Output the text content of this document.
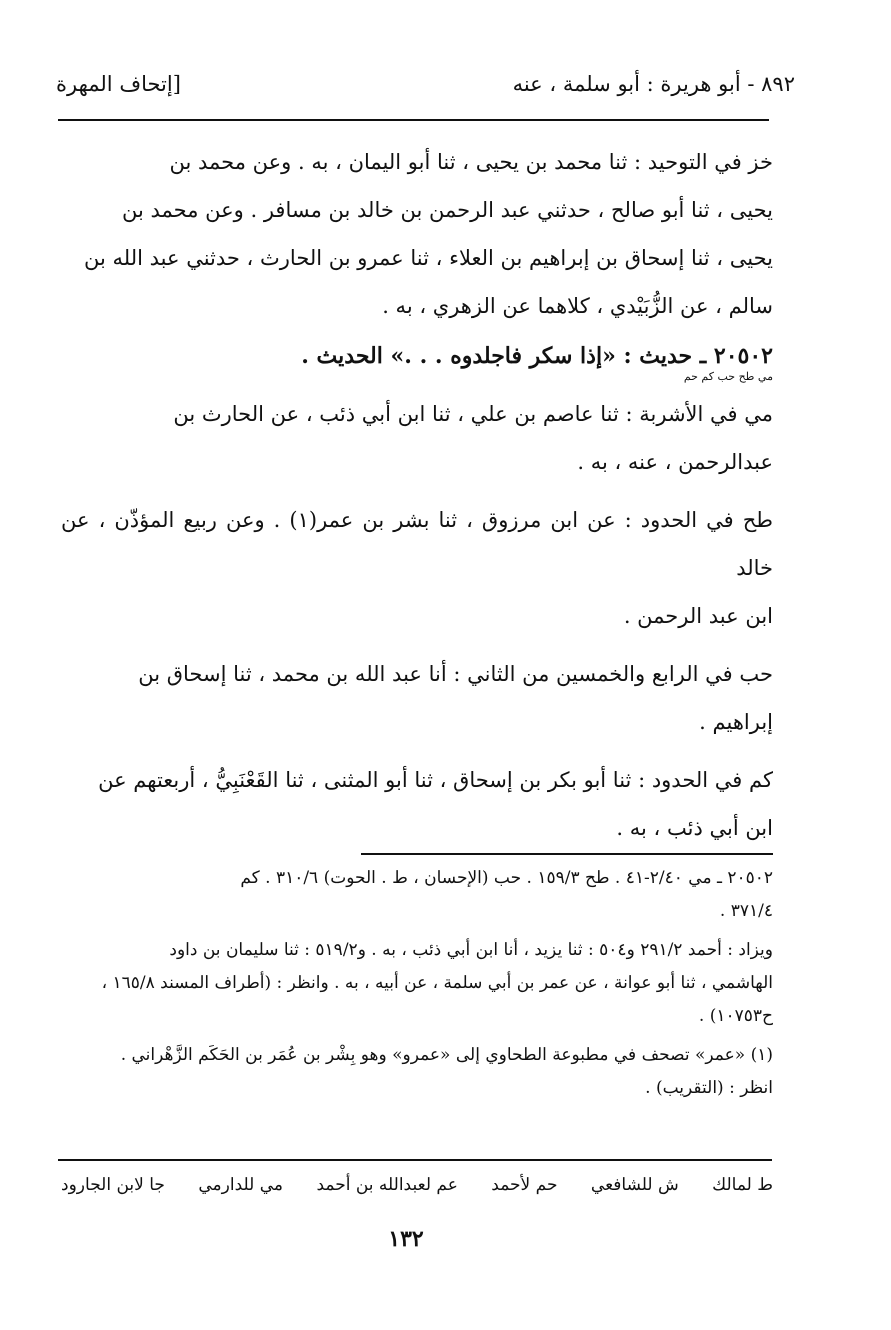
٨٩٢ - أبو هريرة : أبو سلمة ، عنه
[إتحاف المهرة

خز في التوحيد : ثنا محمد بن يحيى ، ثنا أبو اليمان ، به . وعن محمد بن

يحيى ، ثنا أبو صالح ، حدثني عبد الرحمن بن خالد بن مسافر . وعن محمد بن

يحيى ، ثنا إسحاق بن إبراهيم بن العلاء ، ثنا عمرو بن الحارث ، حدثني عبد الله بن

سالم ، عن الزُّبَيْدي ، كلاهما عن الزهري ، به .

٢٠٥٠٢ ـ حديث : «إذا سكر فاجلدوه . . .» الحديث .

مي طح حب كم حم

مي في الأشربة : ثنا عاصم بن علي ، ثنا ابن أبي ذئب ، عن الحارث بن

عبدالرحمن ، عنه ، به .

طح في الحدود : عن ابن مرزوق ، ثنا بشر بن عمر(١) . وعن ربيع المؤذّن ، عن خالد

ابن عبد الرحمن .

حب في الرابع والخمسين من الثاني : أنا عبد الله بن محمد ، ثنا إسحاق بن

إبراهيم .

كم في الحدود : ثنا أبو بكر بن إسحاق ، ثنا أبو المثنى ، ثنا القَعْنَبِيُّ ، أربعتهم عن

ابن أبي ذئب ، به .

٢٠٥٠٢ ـ مي ٢/٤٠-٤١ . طح ١٥٩/٣ . حب (الإحسان ، ط . الحوت) ٣١٠/٦ . كم
٣٧١/٤ .

ويزاد : أحمد ٢٩١/٢ و٥٠٤ : ثنا يزيد ، أنا ابن أبي ذئب ، به . و٥١٩/٢ : ثنا سليمان بن داود
الهاشمي ، ثنا أبو عوانة ، عن عمر بن أبي سلمة ، عن أبيه ، به . وانظر : (أطراف المسند ١٦٥/٨ ،
ح١٠٧٥٣) .

(١) «عمر» تصحف في مطبوعة الطحاوي إلى «عمرو» وهو بِشْر بن عُمَر بن الحَكَم الزَّهْراني .
انظر : (التقريب) .

ط لمالك
ش للشافعي
حم لأحمد
عم لعبدالله بن أحمد
مي للدارمي
جا لابن الجارود
١٣٢
